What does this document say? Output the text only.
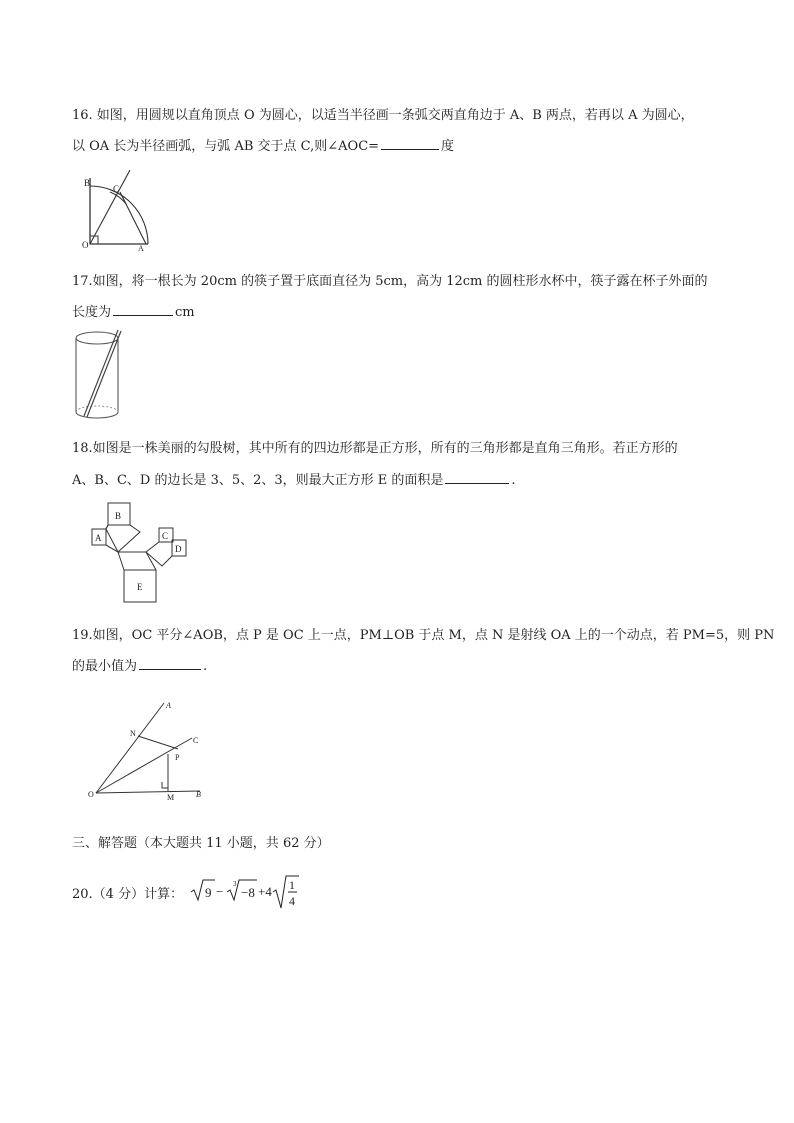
16. 如图，用圆规以直角顶点 O 为圆心，以适当半径画一条弧交两直角边于 A、B 两点，若再以 A 为圆心，
以 OA 长为半径画弧，与弧 AB 交于点 C,则∠AOC=	度
B
C
O	A
17.如图，将一根长为 20cm 的筷子置于底面直径为 5cm，高为 12cm 的圆柱形水杯中，筷子露在杯子外面的
长度为	cm
18.如图是一株美丽的勾股树，其中所有的四边形都是正方形，所有的三角形都是直角三角形。若正方形的
A、B、C、D 的边长是 3、5、2、3，则最大正方形 E 的面积是	.
B
A	C
D
E
19.如图，OC 平分∠AOB，点 P 是 OC 上一点，PM⊥OB 于点 M，点 N 是射线 OA 上的一个动点，若 PM=5，则 PN
的最小值为	.
A
N
C
P
O	M	B
三、解答题（本大题共 11 小题，共 62 分）
20.（4 分）计算： 9 − 3
−8 +4 1
4
